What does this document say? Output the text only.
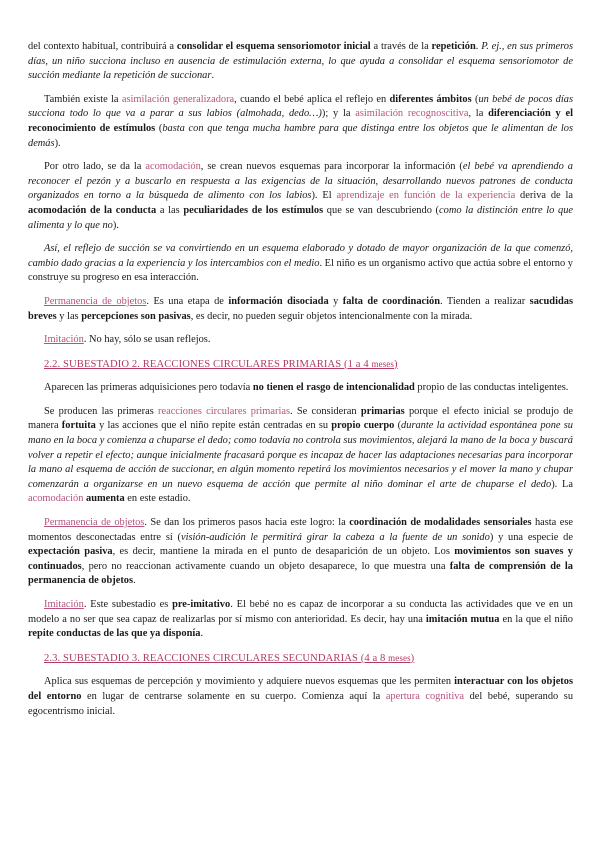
del contexto habitual, contribuirá a consolidar el esquema sensoriomotor inicial a través de la repetición. P. ej., en sus primeros días, un niño succiona incluso en ausencia de estimulación externa, lo que ayuda a consolidar el esquema sensoriomotor de succión mediante la repetición de succionar.

También existe la asimilación generalizadora, cuando el bebé aplica el reflejo en diferentes ámbitos (un bebé de pocos días succiona todo lo que va a parar a sus labios (almohada, dedo…)); y la asimilación recognoscitiva, la diferenciación y el reconocimiento de estímulos (basta con que tenga mucha hambre para que distinga entre los objetos que le alimentan de los demás).

Por otro lado, se da la acomodación, se crean nuevos esquemas para incorporar la información (el bebé va aprendiendo a reconocer el pezón y a buscarlo en respuesta a las exigencias de la situación, desarrollando nuevos patrones de conducta organizados en torno a la búsqueda de alimento con los labios). El aprendizaje en función de la experiencia deriva de la acomodación de la conducta a las peculiaridades de los estímulos que se van descubriendo (como la distinción entre lo que alimenta y lo que no).

Así, el reflejo de succión se va convirtiendo en un esquema elaborado y dotado de mayor organización de la que comenzó, cambio dado gracias a la experiencia y los intercambios con el medio. El niño es un organismo activo que actúa sobre el entorno y construye su progreso en esa interacción.

Permanencia de objetos. Es una etapa de información disociada y falta de coordinación. Tienden a realizar sacudidas breves y las percepciones son pasivas, es decir, no pueden seguir objetos intencionalmente con la mirada.

Imitación. No hay, sólo se usan reflejos.

2.2. SUBESTADIO 2. REACCIONES CIRCULARES PRIMARIAS (1 a 4 meses)

Aparecen las primeras adquisiciones pero todavía no tienen el rasgo de intencionalidad propio de las conductas inteligentes.

Se producen las primeras reacciones circulares primarias. Se consideran primarias porque el efecto inicial se produjo de manera fortuita y las acciones que el niño repite están centradas en su propio cuerpo (durante la actividad espontánea pone su mano en la boca y comienza a chuparse el dedo; como todavía no controla sus movimientos, alejará la mano de la boca y buscará volver a repetir el efecto; aunque inicialmente fracasará porque es incapaz de hacer las adaptaciones necesarias para incorporar la mano al esquema de acción de succionar, en algún momento repetirá los movimientos necesarios y el mover la mano y chupar comenzarán a organizarse en un nuevo esquema de acción que permite al niño dominar el arte de chuparse el dedo). La acomodación aumenta en este estadio.

Permanencia de objetos. Se dan los primeros pasos hacia este logro: la coordinación de modalidades sensoriales hasta ese momentos desconectadas entre sí (visión-audición le permitirá girar la cabeza a la fuente de un sonido) y una especie de expectación pasiva, es decir, mantiene la mirada en el punto de desaparición de un objeto. Los movimientos son suaves y continuados, pero no reaccionan activamente cuando un objeto desaparece, lo que muestra una falta de comprensión de la permanencia de objetos.

Imitación. Este subestadio es pre-imitativo. El bebé no es capaz de incorporar a su conducta las actividades que ve en un modelo a no ser que sea capaz de realizarlas por sí mismo con anterioridad. Es decir, hay una imitación mutua en la que el niño repite conductas de las que ya disponía.

2.3. SUBESTADIO 3. REACCIONES CIRCULARES SECUNDARIAS (4 a 8 meses)

Aplica sus esquemas de percepción y movimiento y adquiere nuevos esquemas que les permiten interactuar con los objetos del entorno en lugar de centrarse solamente en su cuerpo. Comienza aquí la apertura cognitiva del bebé, superando su egocentrismo inicial.
